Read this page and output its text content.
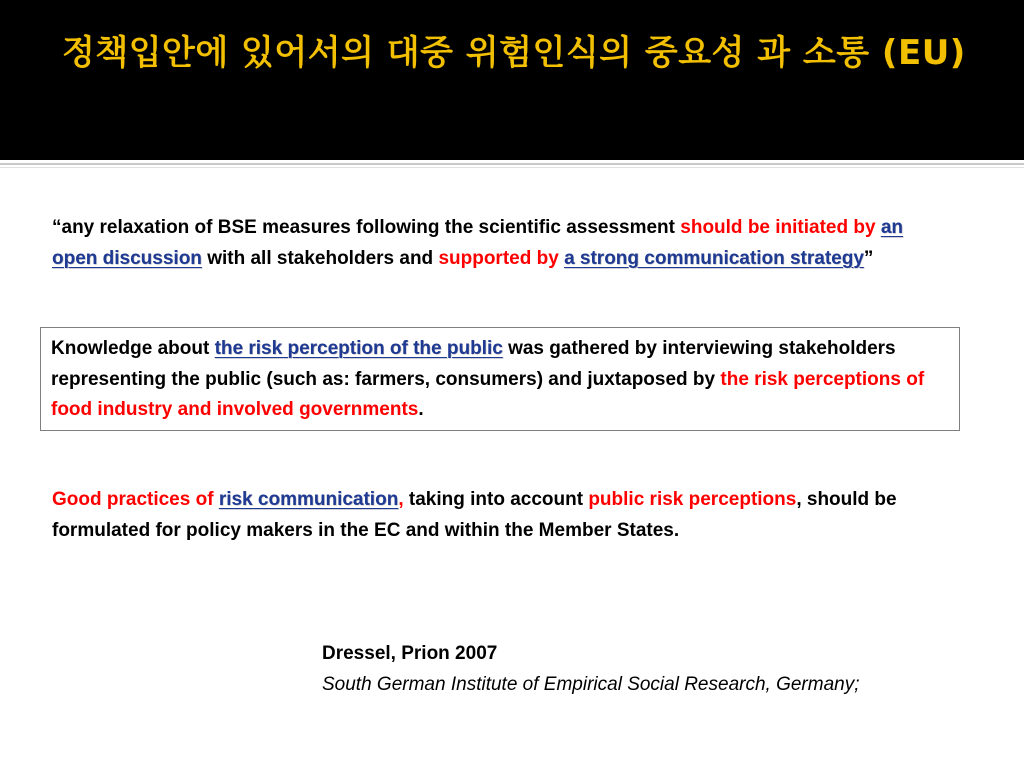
정책입안에 있어서의 대중 위험인식의 중요성 과 소통 (EU)

“any relaxation of BSE measures following the scientific assessment should be initiated by an open discussion with all stakeholders and supported by a strong communication strategy”

Knowledge about the risk perception of the public was gathered by interviewing stakeholders representing the public (such as: farmers, consumers) and juxtaposed by the risk perceptions of food industry and involved governments.

Good practices of risk communication, taking into account public risk perceptions, should be formulated for policy makers in the EC and within the Member States.

Dressel, Prion 2007
South German Institute of Empirical Social Research, Germany;
